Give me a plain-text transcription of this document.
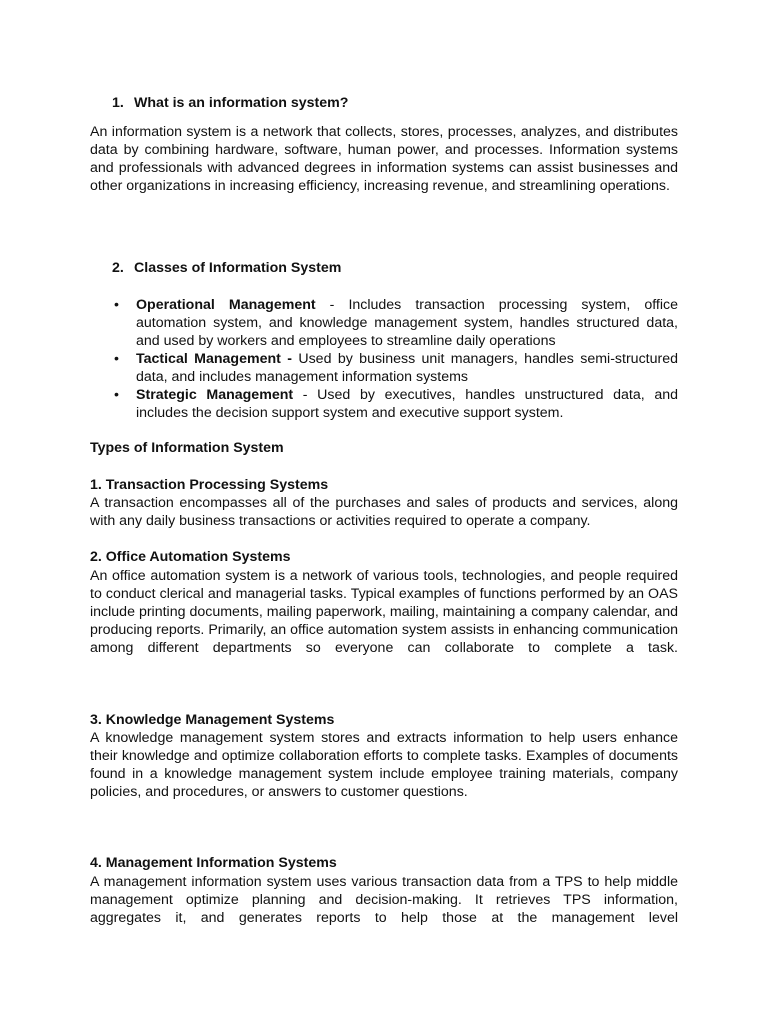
1. What is an information system?

An information system is a network that collects, stores, processes, analyzes, and distributes data by combining hardware, software, human power, and processes. Information systems and professionals with advanced degrees in information systems can assist businesses and other organizations in increasing efficiency, increasing revenue, and streamlining operations.

2. Classes of Information System
• Operational Management - Includes transaction processing system, office automation system, and knowledge management system, handles structured data, and used by workers and employees to streamline daily operations
• Tactical Management - Used by business unit managers, handles semi-structured data, and includes management information systems
• Strategic Management - Used by executives, handles unstructured data, and includes the decision support system and executive support system.
Types of Information System
1. Transaction Processing Systems

A transaction encompasses all of the purchases and sales of products and services, along with any daily business transactions or activities required to operate a company.

2. Office Automation Systems

An office automation system is a network of various tools, technologies, and people required to conduct clerical and managerial tasks. Typical examples of functions performed by an OAS include printing documents, mailing paperwork, mailing, maintaining a company calendar, and producing reports. Primarily, an office automation system assists in enhancing communication among different departments so everyone can collaborate to complete a task.

3. Knowledge Management Systems

A knowledge management system stores and extracts information to help users enhance their knowledge and optimize collaboration efforts to complete tasks. Examples of documents found in a knowledge management system include employee training materials, company policies, and procedures, or answers to customer questions.

4. Management Information Systems

A management information system uses various transaction data from a TPS to help middle management optimize planning and decision-making. It retrieves TPS information, aggregates it, and generates reports to help those at the management level
